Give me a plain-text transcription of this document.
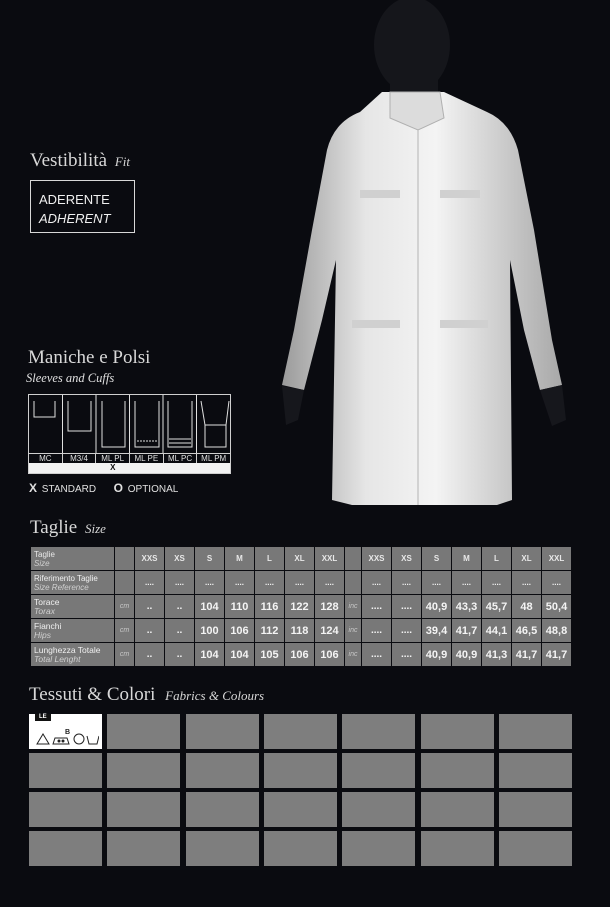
Vestibilità Fit
ADERENTE
ADHERENT
Maniche e Polsi
Sleeves and Cuffs
MC	M3/4	ML PL	ML PE	ML PC	ML PM
X
X STANDARD O OPTIONAL
Taglie Size
Taglie
Size		XXS	XS	S	M	L	XL	XXL		XXS	XS	S	M	L	XL	XXL

Riferimento Taglie
Size Reference		....	....	....	....	....	....	....		....	....	....	....	....	....	....

Torace
Torax	cm	..	..	104	110	116	122	128	inc	....	....	40,9	43,3	45,7	48	50,4

Fianchi
Hips	cm	..	..	100	106	112	118	124	inc	....	....	39,4	41,7	44,1	46,5	48,8

Lunghezza Totale
Total Lenght	cm	..	..	104	104	105	106	106	inc	....	....	40,9	40,9	41,3	41,7	41,7
Tessuti & Colori Fabrics & Colours
LE
B
